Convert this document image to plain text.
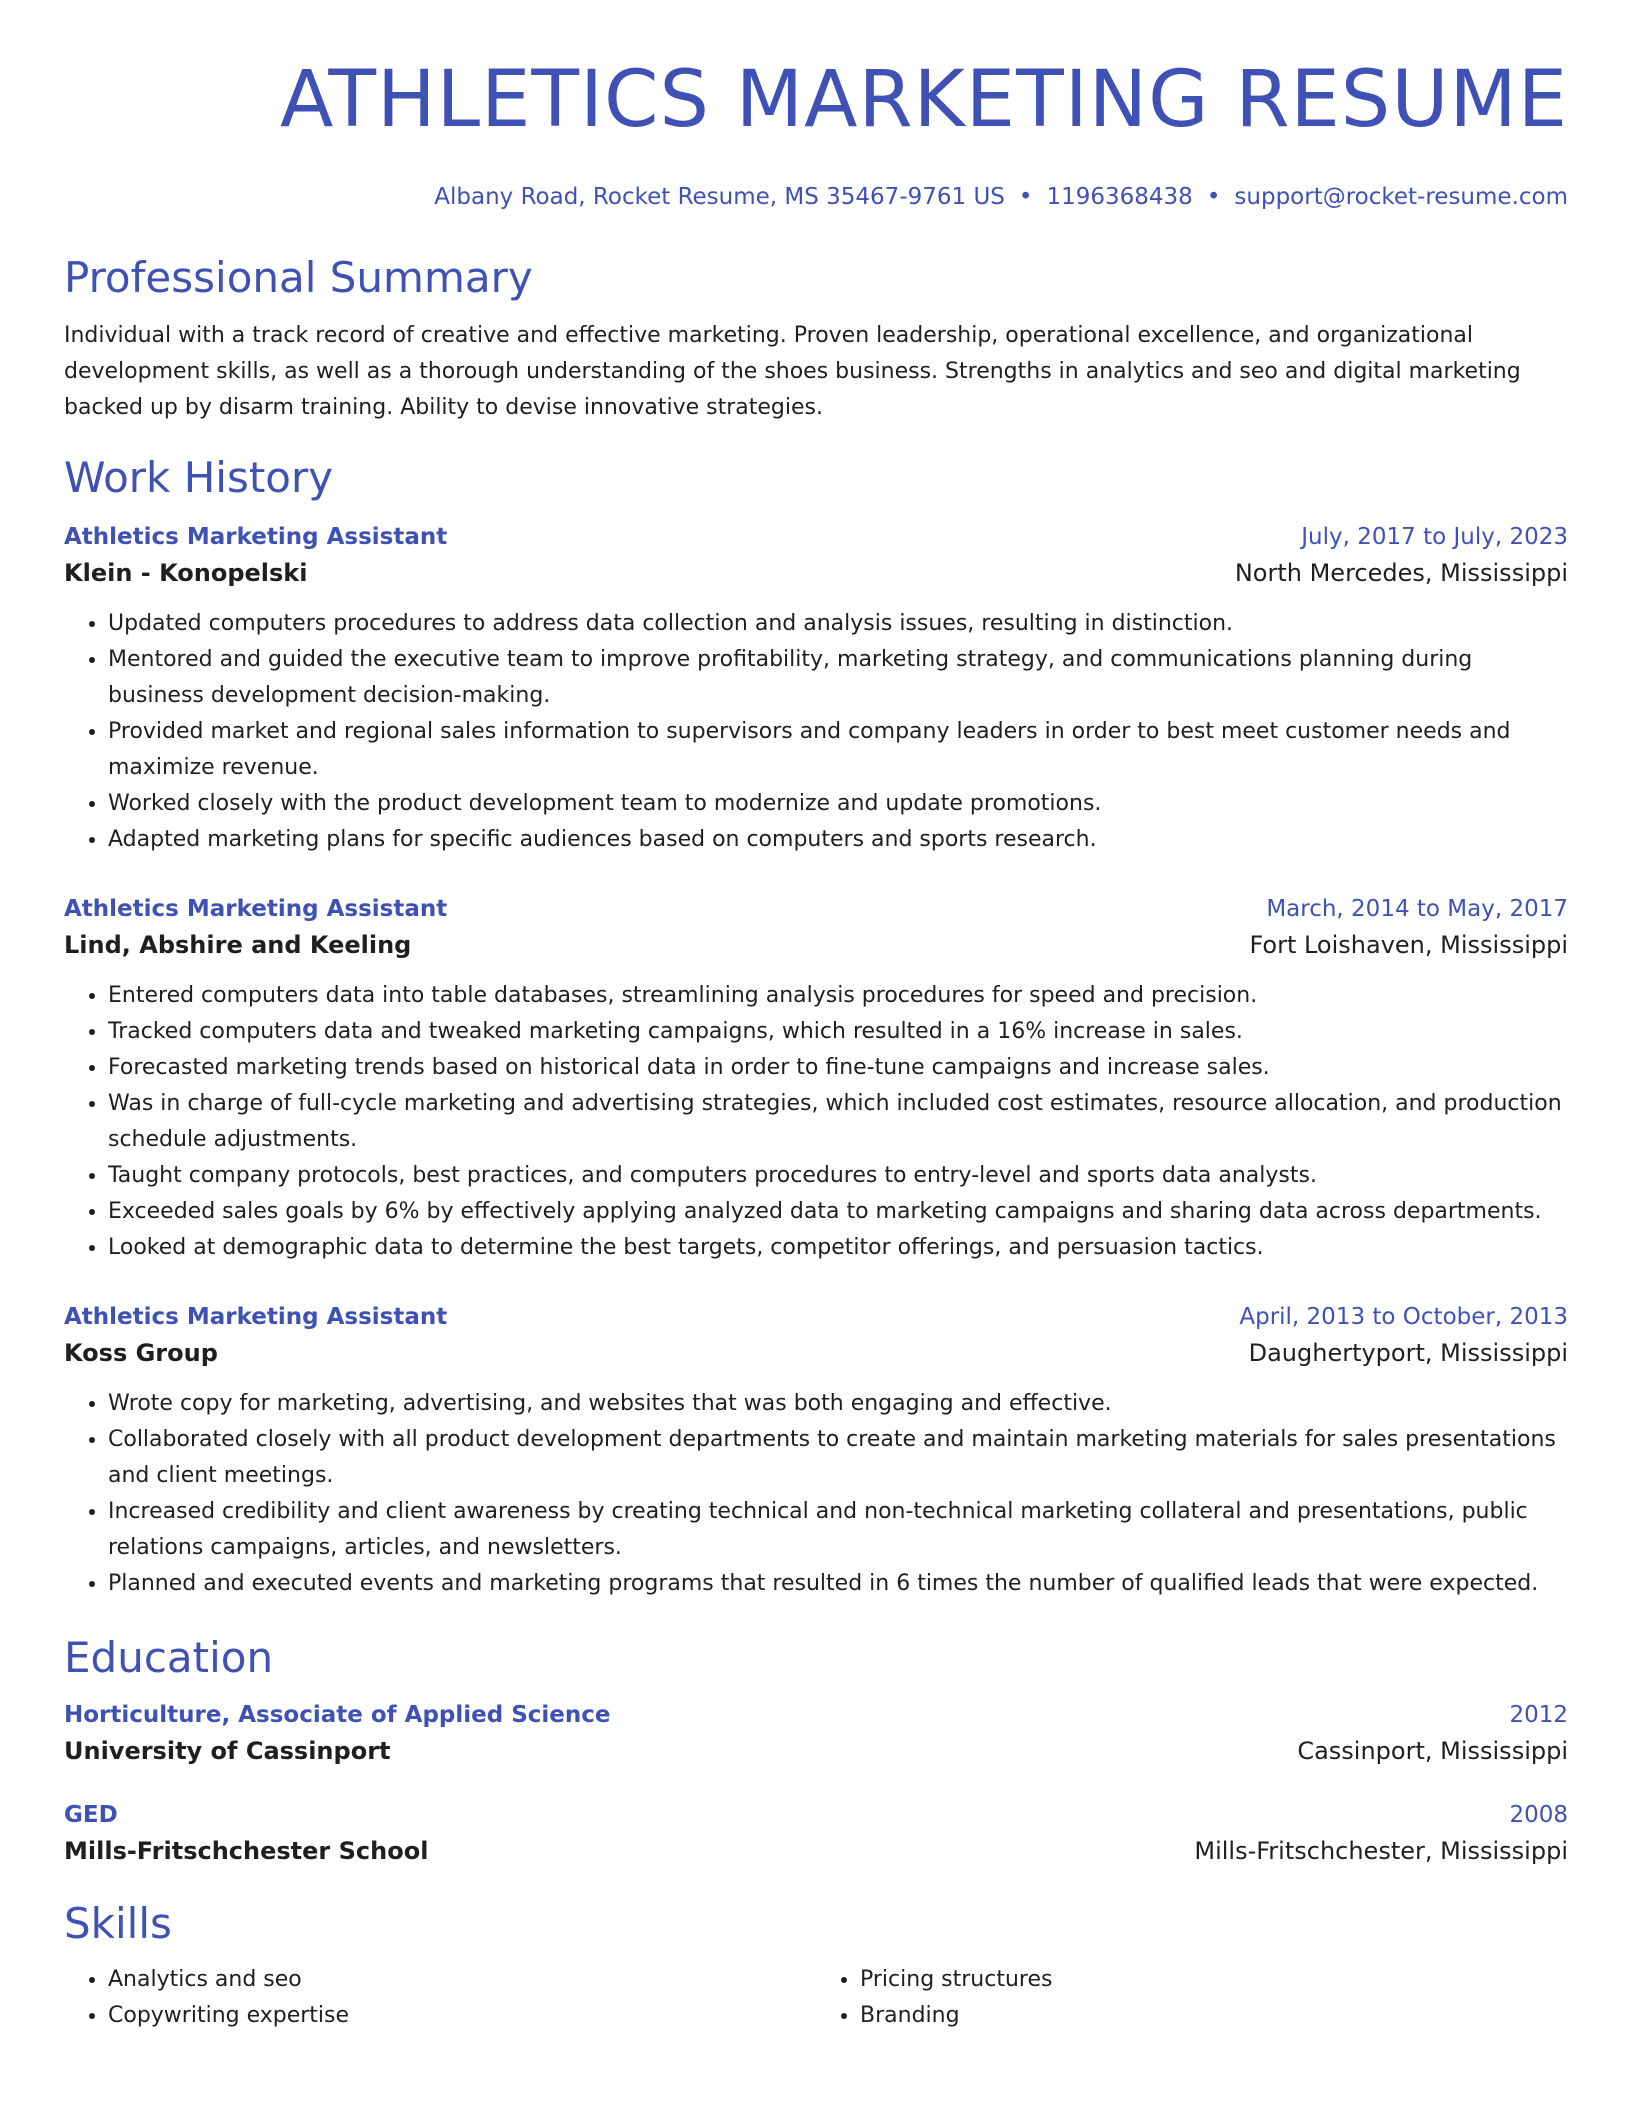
ATHLETICS MARKETING RESUME
Albany Road, Rocket Resume, MS 35467-9761 US • 1196368438 • support@rocket-resume.com
Professional Summary
Individual with a track record of creative and effective marketing. Proven leadership, operational excellence, and organizational development skills, as well as a thorough understanding of the shoes business. Strengths in analytics and seo and digital marketing backed up by disarm training. Ability to devise innovative strategies.
Work History
Athletics Marketing Assistant	July, 2017 to July, 2023
Klein - Konopelski	North Mercedes, Mississippi
• Updated computers procedures to address data collection and analysis issues, resulting in distinction.
• Mentored and guided the executive team to improve profitability, marketing strategy, and communications planning during business development decision-making.
• Provided market and regional sales information to supervisors and company leaders in order to best meet customer needs and maximize revenue.
• Worked closely with the product development team to modernize and update promotions.
• Adapted marketing plans for specific audiences based on computers and sports research.
Athletics Marketing Assistant	March, 2014 to May, 2017
Lind, Abshire and Keeling	Fort Loishaven, Mississippi
• Entered computers data into table databases, streamlining analysis procedures for speed and precision.
• Tracked computers data and tweaked marketing campaigns, which resulted in a 16% increase in sales.
• Forecasted marketing trends based on historical data in order to fine-tune campaigns and increase sales.
• Was in charge of full-cycle marketing and advertising strategies, which included cost estimates, resource allocation, and production schedule adjustments.
• Taught company protocols, best practices, and computers procedures to entry-level and sports data analysts.
• Exceeded sales goals by 6% by effectively applying analyzed data to marketing campaigns and sharing data across departments.
• Looked at demographic data to determine the best targets, competitor offerings, and persuasion tactics.
Athletics Marketing Assistant	April, 2013 to October, 2013
Koss Group	Daughertyport, Mississippi
• Wrote copy for marketing, advertising, and websites that was both engaging and effective.
• Collaborated closely with all product development departments to create and maintain marketing materials for sales presentations and client meetings.
• Increased credibility and client awareness by creating technical and non-technical marketing collateral and presentations, public relations campaigns, articles, and newsletters.
• Planned and executed events and marketing programs that resulted in 6 times the number of qualified leads that were expected.
Education
Horticulture, Associate of Applied Science	2012
University of Cassinport	Cassinport, Mississippi
GED	2008
Mills-Fritschchester School	Mills-Fritschchester, Mississippi
Skills
• Analytics and seo
• Copywriting expertise
• Pricing structures
• Branding
